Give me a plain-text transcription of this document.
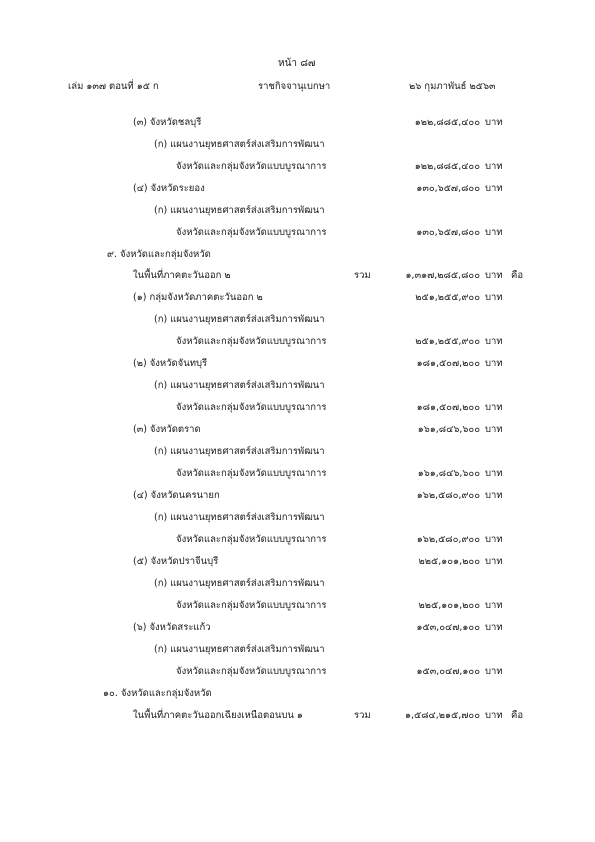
หน้า ๘๗
เล่ม ๑๓๗ ตอนที่ ๑๕ ก	ราชกิจจานุเบกษา	๒๖ กุมภาพันธ์ ๒๕๖๓
(๓) จังหวัดชลบุรี	๑๒๒,๘๘๕,๔๐๐ บาท
(ก) แผนงานยุทธศาสตร์ส่งเสริมการพัฒนา
จังหวัดและกลุ่มจังหวัดแบบบูรณาการ	๑๒๒,๘๘๕,๔๐๐ บาท
(๔) จังหวัดระยอง	๑๓๐,๖๕๗,๘๐๐ บาท
(ก) แผนงานยุทธศาสตร์ส่งเสริมการพัฒนา
จังหวัดและกลุ่มจังหวัดแบบบูรณาการ	๑๓๐,๖๕๗,๘๐๐ บาท
๙. จังหวัดและกลุ่มจังหวัด
ในพื้นที่ภาคตะวันออก ๒	รวม	๑,๓๑๗,๒๘๕,๘๐๐ บาท คือ
(๑) กลุ่มจังหวัดภาคตะวันออก ๒	๒๕๑,๒๕๕,๙๐๐ บาท
(ก) แผนงานยุทธศาสตร์ส่งเสริมการพัฒนา
จังหวัดและกลุ่มจังหวัดแบบบูรณาการ	๒๕๑,๒๕๕,๙๐๐ บาท
(๒) จังหวัดจันทบุรี	๑๘๑,๕๐๗,๒๐๐ บาท
(ก) แผนงานยุทธศาสตร์ส่งเสริมการพัฒนา
จังหวัดและกลุ่มจังหวัดแบบบูรณาการ	๑๘๑,๕๐๗,๒๐๐ บาท
(๓) จังหวัดตราด	๑๖๑,๘๔๖,๖๐๐ บาท
(ก) แผนงานยุทธศาสตร์ส่งเสริมการพัฒนา
จังหวัดและกลุ่มจังหวัดแบบบูรณาการ	๑๖๑,๘๔๖,๖๐๐ บาท
(๔) จังหวัดนครนายก	๑๖๒,๕๘๐,๙๐๐ บาท
(ก) แผนงานยุทธศาสตร์ส่งเสริมการพัฒนา
จังหวัดและกลุ่มจังหวัดแบบบูรณาการ	๑๖๒,๕๘๐,๙๐๐ บาท
(๕) จังหวัดปราจีนบุรี	๒๒๕,๑๐๑,๒๐๐ บาท
(ก) แผนงานยุทธศาสตร์ส่งเสริมการพัฒนา
จังหวัดและกลุ่มจังหวัดแบบบูรณาการ	๒๒๕,๑๐๑,๒๐๐ บาท
(๖) จังหวัดสระแก้ว	๑๕๓,๐๔๗,๑๐๐ บาท
(ก) แผนงานยุทธศาสตร์ส่งเสริมการพัฒนา
จังหวัดและกลุ่มจังหวัดแบบบูรณาการ	๑๕๓,๐๔๗,๑๐๐ บาท
๑๐. จังหวัดและกลุ่มจังหวัด
ในพื้นที่ภาคตะวันออกเฉียงเหนือตอนบน ๑	รวม	๑,๕๘๔,๒๑๕,๗๐๐ บาท คือ
